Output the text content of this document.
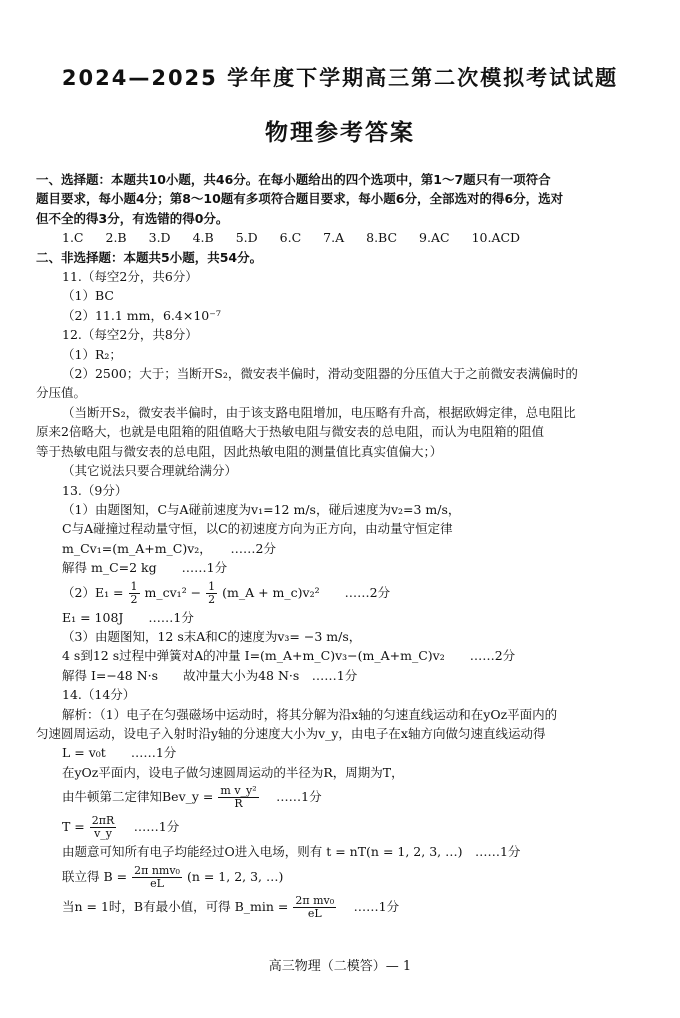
2024—2025 学年度下学期高三第二次模拟考试试题
物理参考答案

一、选择题：本题共10小题，共46分。在每小题给出的四个选项中，第1～7题只有一项符合

题目要求，每小题4分；第8～10题有多项符合题目要求，每小题6分，全部选对的得6分，选对

但不全的得3分，有选错的得0分。

1.C 2.B 3.D 4.B 5.D 6.C 7.A 8.BC 9.AC 10.ACD

二、非选择题：本题共5小题，共54分。

11.（每空2分，共6分）

（1）BC

（2）11.1 mm，6.4×10⁻⁷

12.（每空2分，共8分）

（1）R₂；

（2）2500；大于；当断开S₂，微安表半偏时，滑动变阻器的分压值大于之前微安表满偏时的

分压值。

（当断开S₂，微安表半偏时，由于该支路电阻增加，电压略有升高，根据欧姆定律，总电阻比

原来2倍略大，也就是电阻箱的阻值略大于热敏电阻与微安表的总电阻，而认为电阻箱的阻值

等于热敏电阻与微安表的总电阻，因此热敏电阻的测量值比真实值偏大；）

（其它说法只要合理就给满分）

13.（9分）

（1）由题图知，C与A碰前速度为v₁=12 m/s，碰后速度为v₂=3 m/s，

C与A碰撞过程动量守恒，以C的初速度方向为正方向，由动量守恒定律

m_Cv₁=(m_A+m_C)v₂，　　……2分

解得 m_C=2 kg　　……1分

$(2)E_1 = \frac{1}{2}$ m_cv₁² − $\frac{1}{2}$ (m_A + m_c)v₂²　　……2分

E₁ = 108J　　……1分

（3）由题图知，12 s末A和C的速度为v₃= −3 m/s，

4 s到12 s过程中弹簧对A的冲量 I=(m_A+m_C)v₃−(m_A+m_C)v₂　　……2分

解得 I=−48 N·s　　故冲量大小为48 N·s　……1分

14.（14分）

解析：（1）电子在匀强磁场中运动时，将其分解为沿x轴的匀速直线运动和在yOz平面内的

匀速圆周运动，设电子入射时沿y轴的分速度大小为v_y，由电子在x轴方向做匀速直线运动得

L = v₀t　　……1分

在yOz平面内，设电子做匀速圆周运动的半径为R，周期为T，

由牛顿第二定律知Bev_y = $\frac{\text{m v\_y²}}{R}$ 　……1分

$T = \frac{2\pi R}{v\_y}$ 　……1分

由题意可知所有电子均能经过O进入电场，则有 t = nT(n = 1, 2, 3, …)　……1分

联立得 $B = \frac{\text{2π nmv₀}}{eL} (n = 1$, 2, 3, …)

当n = 1时，B有最小值，可得 B_min = $\frac{\text{2π mv₀}}{eL}$ 　……1分

高三物理（二模答）— 1
